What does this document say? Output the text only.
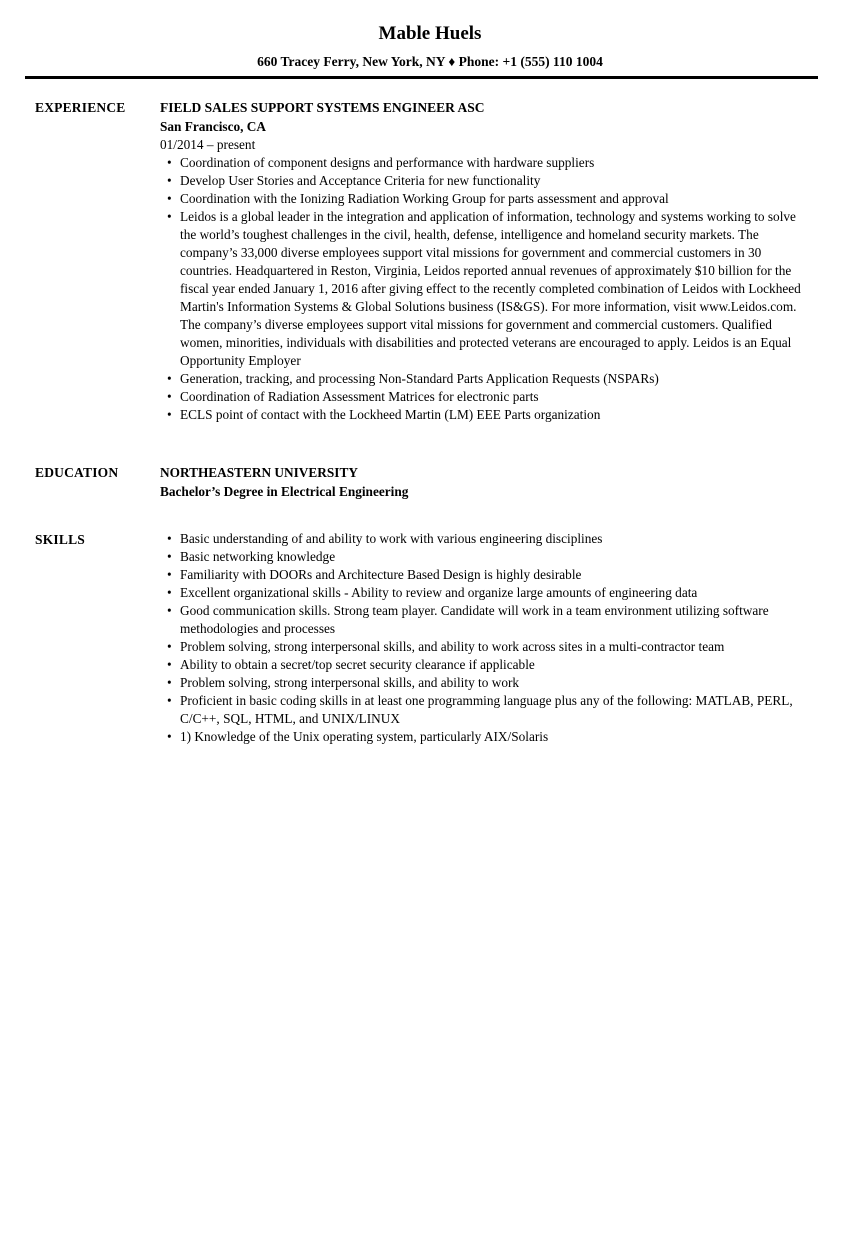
Mable Huels
660 Tracey Ferry, New York, NY ♦ Phone: +1 (555) 110 1004
EXPERIENCE	FIELD SALES SUPPORT SYSTEMS ENGINEER ASC
San Francisco, CA
01/2014 – present
• Coordination of component designs and performance with hardware suppliers
• Develop User Stories and Acceptance Criteria for new functionality
• Coordination with the Ionizing Radiation Working Group for parts assessment and approval
• Leidos is a global leader in the integration and application of information, technology and systems working to solve the world’s toughest challenges in the civil, health, defense, intelligence and homeland security markets. The company’s 33,000 diverse employees support vital missions for government and commercial customers in 30 countries. Headquartered in Reston, Virginia, Leidos reported annual revenues of approximately $10 billion for the fiscal year ended January 1, 2016 after giving effect to the recently completed combination of Leidos with Lockheed Martin's Information Systems & Global Solutions business (IS&GS). For more information, visit www.Leidos.com. The company’s diverse employees support vital missions for government and commercial customers. Qualified women, minorities, individuals with disabilities and protected veterans are encouraged to apply. Leidos is an Equal Opportunity Employer
• Generation, tracking, and processing Non-Standard Parts Application Requests (NSPARs)
• Coordination of Radiation Assessment Matrices for electronic parts
• ECLS point of contact with the Lockheed Martin (LM) EEE Parts organization
EDUCATION	NORTHEASTERN UNIVERSITY
Bachelor’s Degree in Electrical Engineering
SKILLS	• Basic understanding of and ability to work with various engineering disciplines
• Basic networking knowledge
• Familiarity with DOORs and Architecture Based Design is highly desirable
• Excellent organizational skills - Ability to review and organize large amounts of engineering data
• Good communication skills. Strong team player. Candidate will work in a team environment utilizing software methodologies and processes
• Problem solving, strong interpersonal skills, and ability to work across sites in a multi-contractor team
• Ability to obtain a secret/top secret security clearance if applicable
• Problem solving, strong interpersonal skills, and ability to work
• Proficient in basic coding skills in at least one programming language plus any of the following: MATLAB, PERL, C/C++, SQL, HTML, and UNIX/LINUX
• 1) Knowledge of the Unix operating system, particularly AIX/Solaris
